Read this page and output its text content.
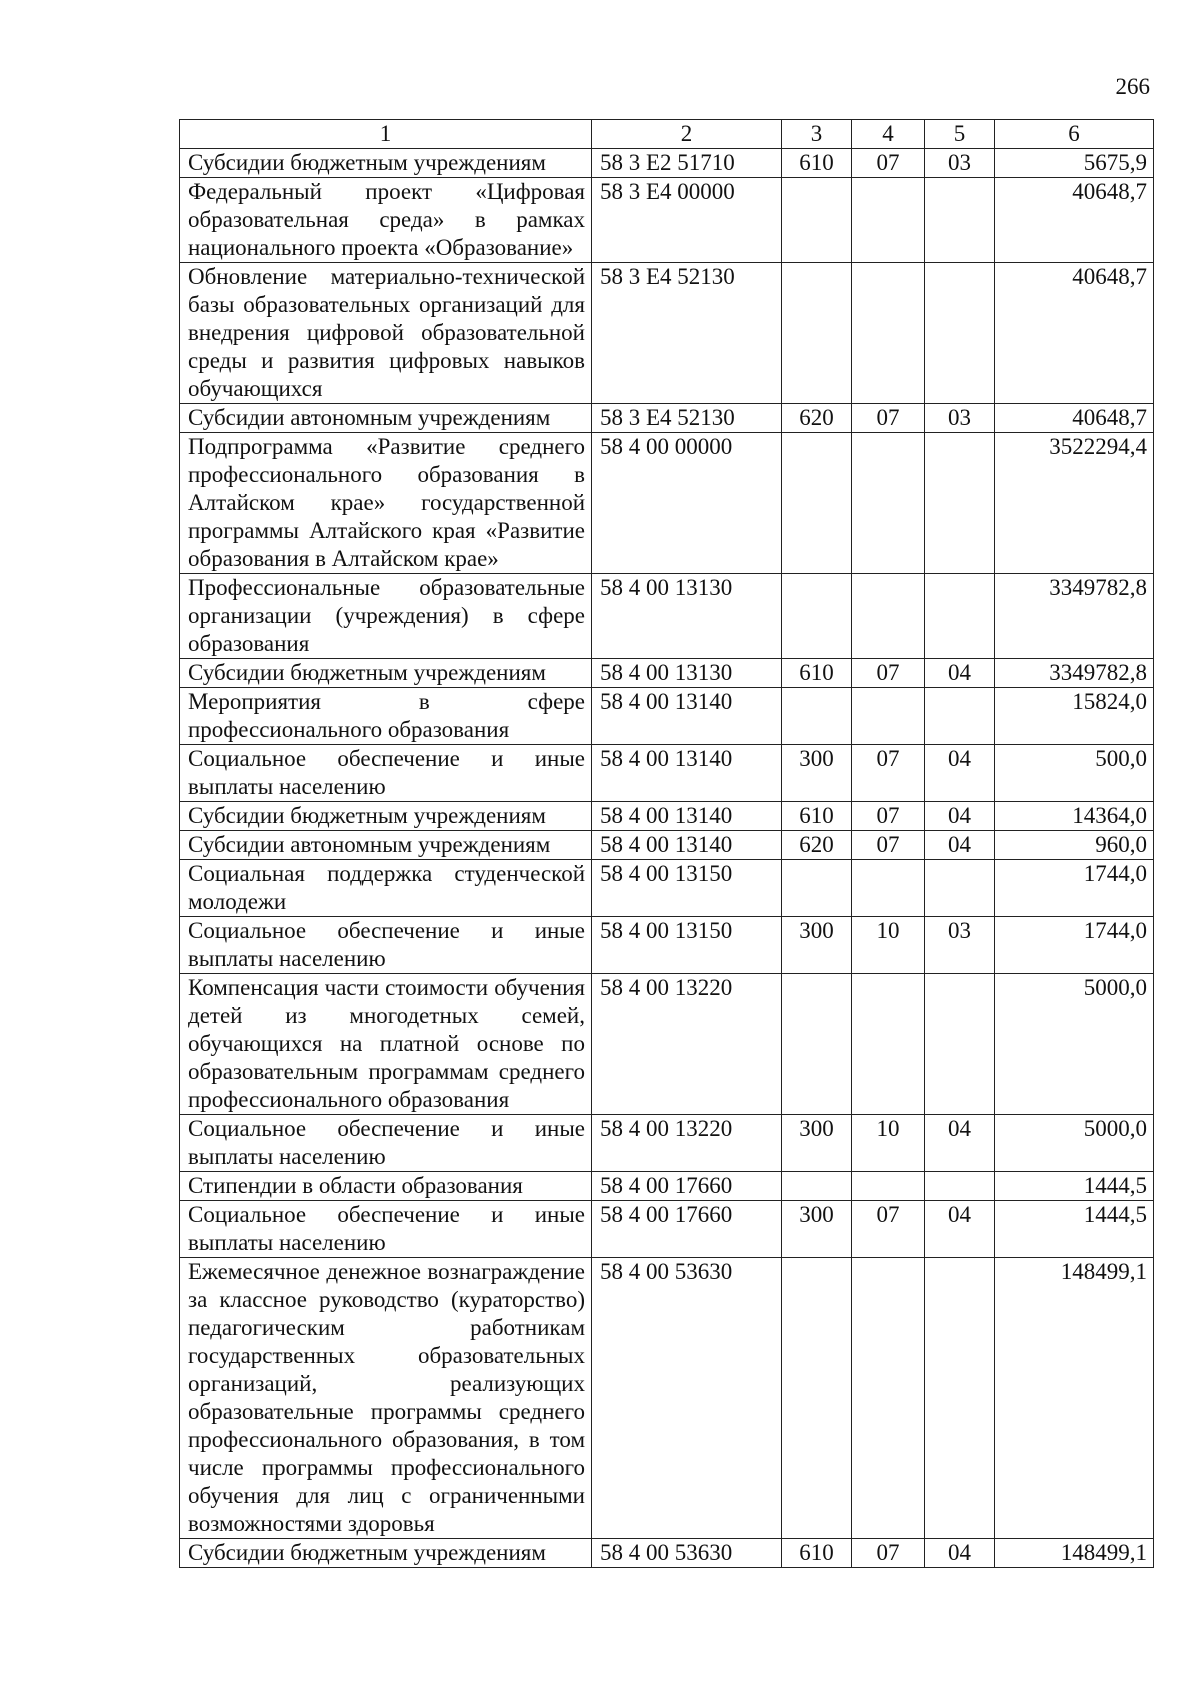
266
1	2	3	4	5	6
Субсидии бюджетным учреждениям	58 3 E2 51710	610	07	03	5675,9
Федеральный проект «Цифровая образовательная среда» в рамках национального проекта «Образование»	58 3 E4 00000				40648,7
Обновление материально-технической базы образовательных организаций для внедрения цифровой образовательной среды и развития цифровых навыков обучающихся	58 3 E4 52130				40648,7
Субсидии автономным учреждениям	58 3 E4 52130	620	07	03	40648,7
Подпрограмма «Развитие среднего профессионального образования в Алтайском крае» государственной программы Алтайского края «Развитие образования в Алтайском крае»	58 4 00 00000				3522294,4
Профессиональные образовательные организации (учреждения) в сфере образования	58 4 00 13130				3349782,8
Субсидии бюджетным учреждениям	58 4 00 13130	610	07	04	3349782,8
Мероприятия в сфере профессионального образования	58 4 00 13140				15824,0
Социальное обеспечение и иные выплаты населению	58 4 00 13140	300	07	04	500,0
Субсидии бюджетным учреждениям	58 4 00 13140	610	07	04	14364,0
Субсидии автономным учреждениям	58 4 00 13140	620	07	04	960,0
Социальная поддержка студенческой молодежи	58 4 00 13150				1744,0
Социальное обеспечение и иные выплаты населению	58 4 00 13150	300	10	03	1744,0
Компенсация части стоимости обучения детей из многодетных семей, обучающихся на платной основе по образовательным программам среднего профессионального образования	58 4 00 13220				5000,0
Социальное обеспечение и иные выплаты населению	58 4 00 13220	300	10	04	5000,0
Стипендии в области образования	58 4 00 17660				1444,5
Социальное обеспечение и иные выплаты населению	58 4 00 17660	300	07	04	1444,5
Ежемесячное денежное вознаграждение за классное руководство (кураторство) педагогическим работникам государственных образовательных организаций, реализующих образовательные программы среднего профессионального образования, в том числе программы профессионального обучения для лиц с ограниченными возможностями здоровья	58 4 00 53630				148499,1
Субсидии бюджетным учреждениям	58 4 00 53630	610	07	04	148499,1
